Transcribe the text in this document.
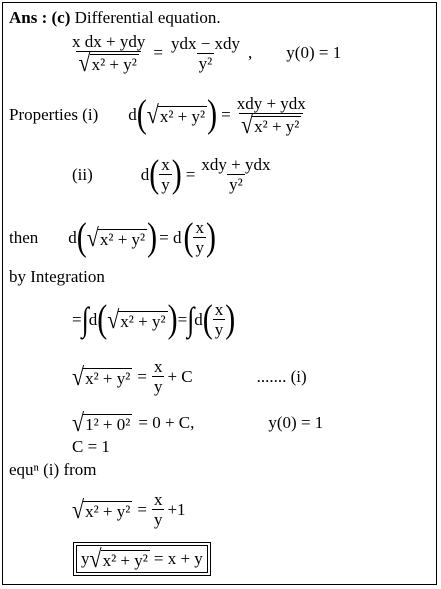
Ans : (c) Differential equation.
$\frac{\text{x dx + ydy}}{\text{√ x² + y²}} = \frac{\text{ydx − xdy}}{\text{y²}}$ , y(0) = 1
Properties (i) d ( √ x² + y² ) = $\frac{\text{xdy + ydx}}{\text{√ x² + y²}}$
(ii)	d ( $\frac{x}{y}$ ) = $\frac{\text{xdy + ydx}}{\text{y²}}$
then d ( √ x² + y² ) = d ( $\frac{x}{y}$ )
by Integration
= ∫ d ( √ x² + y² ) = ∫ d ( $\frac{x}{y}$ )
√ $x^2 + y^2 = \frac{x}{y} + C$	....... (i)
√ 1² + 0² = 0 + C,	y(0) = 1
C = 1
equⁿ (i) from
√ $x^2 + y^2 = \frac{x}{y} +1$
y √ x² + y² = x + y
